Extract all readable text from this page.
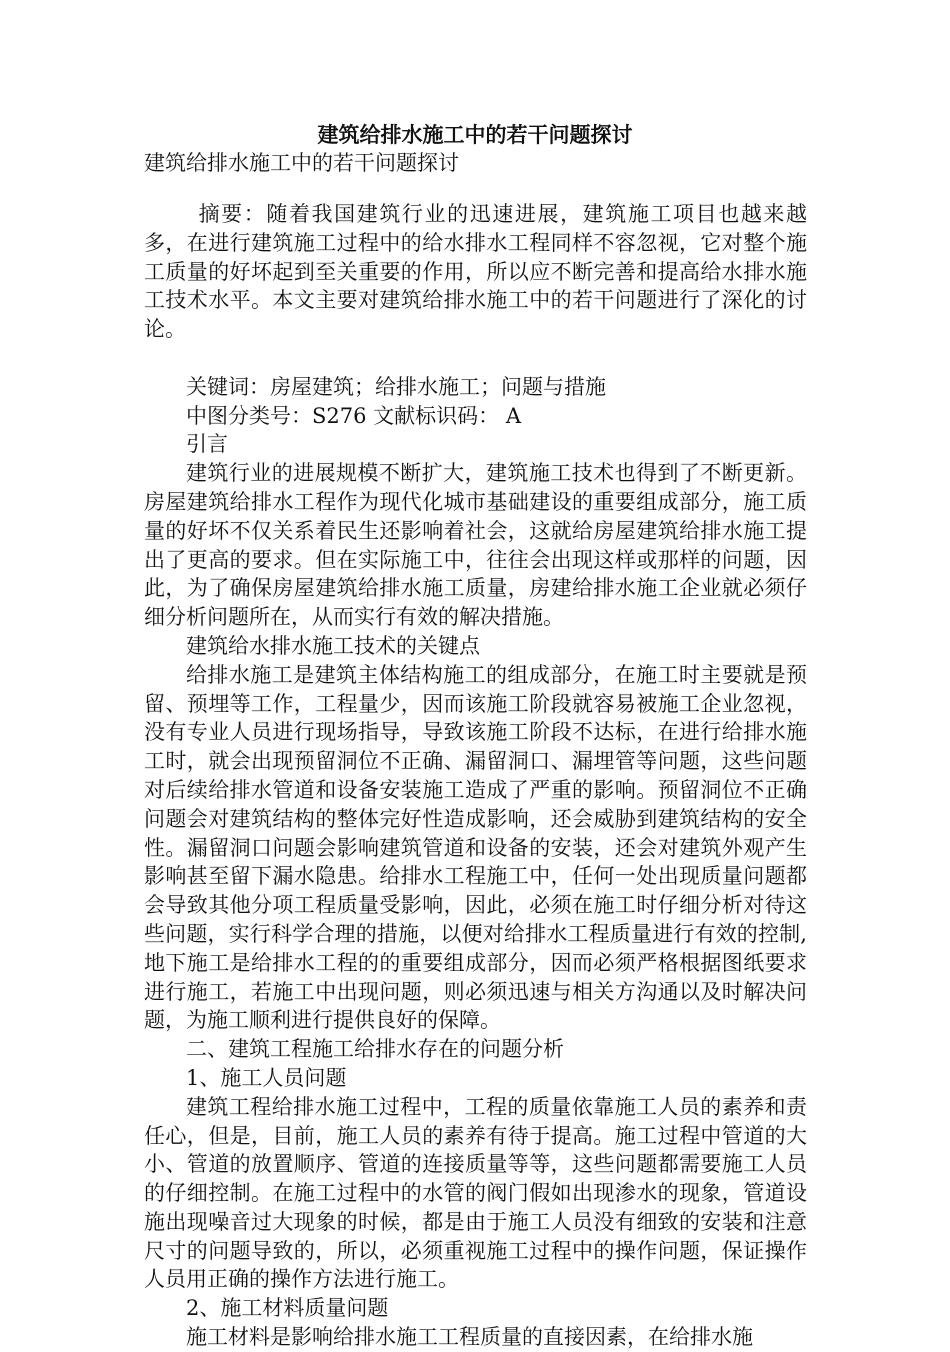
建筑给排水施工中的若干问题探讨
建筑给排水施工中的若干问题探讨

摘要：随着我国建筑行业的迅速进展，建筑施工项目也越来越多，在进行建筑施工过程中的给水排水工程同样不容忽视，它对整个施工质量的好坏起到至关重要的作用，所以应不断完善和提高给水排水施工技术水平。本文主要对建筑给排水施工中的若干问题进行了深化的讨论。

关键词：房屋建筑；给排水施工；问题与措施

中图分类号：S276 文献标识码： A

引言

建筑行业的进展规模不断扩大，建筑施工技术也得到了不断更新。房屋建筑给排水工程作为现代化城市基础建设的重要组成部分，施工质量的好坏不仅关系着民生还影响着社会，这就给房屋建筑给排水施工提出了更高的要求。但在实际施工中，往往会出现这样或那样的问题，因此，为了确保房屋建筑给排水施工质量，房建给排水施工企业就必须仔细分析问题所在，从而实行有效的解决措施。

建筑给水排水施工技术的关键点

给排水施工是建筑主体结构施工的组成部分，在施工时主要就是预留、预埋等工作，工程量少，因而该施工阶段就容易被施工企业忽视，没有专业人员进行现场指导，导致该施工阶段不达标，在进行给排水施工时，就会出现预留洞位不正确、漏留洞口、漏埋管等问题，这些问题对后续给排水管道和设备安装施工造成了严重的影响。预留洞位不正确问题会对建筑结构的整体完好性造成影响，还会威胁到建筑结构的安全性。漏留洞口问题会影响建筑管道和设备的安装，还会对建筑外观产生影响甚至留下漏水隐患。给排水工程施工中，任何一处出现质量问题都会导致其他分项工程质量受影响，因此，必须在施工时仔细分析对待这些问题，实行科学合理的措施，以便对给排水工程质量进行有效的控制,地下施工是给排水工程的的重要组成部分，因而必须严格根据图纸要求进行施工，若施工中出现问题，则必须迅速与相关方沟通以及时解决问题，为施工顺利进行提供良好的保障。

二、建筑工程施工给排水存在的问题分析

1、施工人员问题

建筑工程给排水施工过程中，工程的质量依靠施工人员的素养和责任心，但是，目前，施工人员的素养有待于提高。施工过程中管道的大小、管道的放置顺序、管道的连接质量等等，这些问题都需要施工人员的仔细控制。在施工过程中的水管的阀门假如出现渗水的现象，管道设施出现噪音过大现象的时候，都是由于施工人员没有细致的安装和注意尺寸的问题导致的，所以，必须重视施工过程中的操作问题，保证操作人员用正确的操作方法进行施工。

2、施工材料质量问题

施工材料是影响给排水施工工程质量的直接因素，在给排水施
